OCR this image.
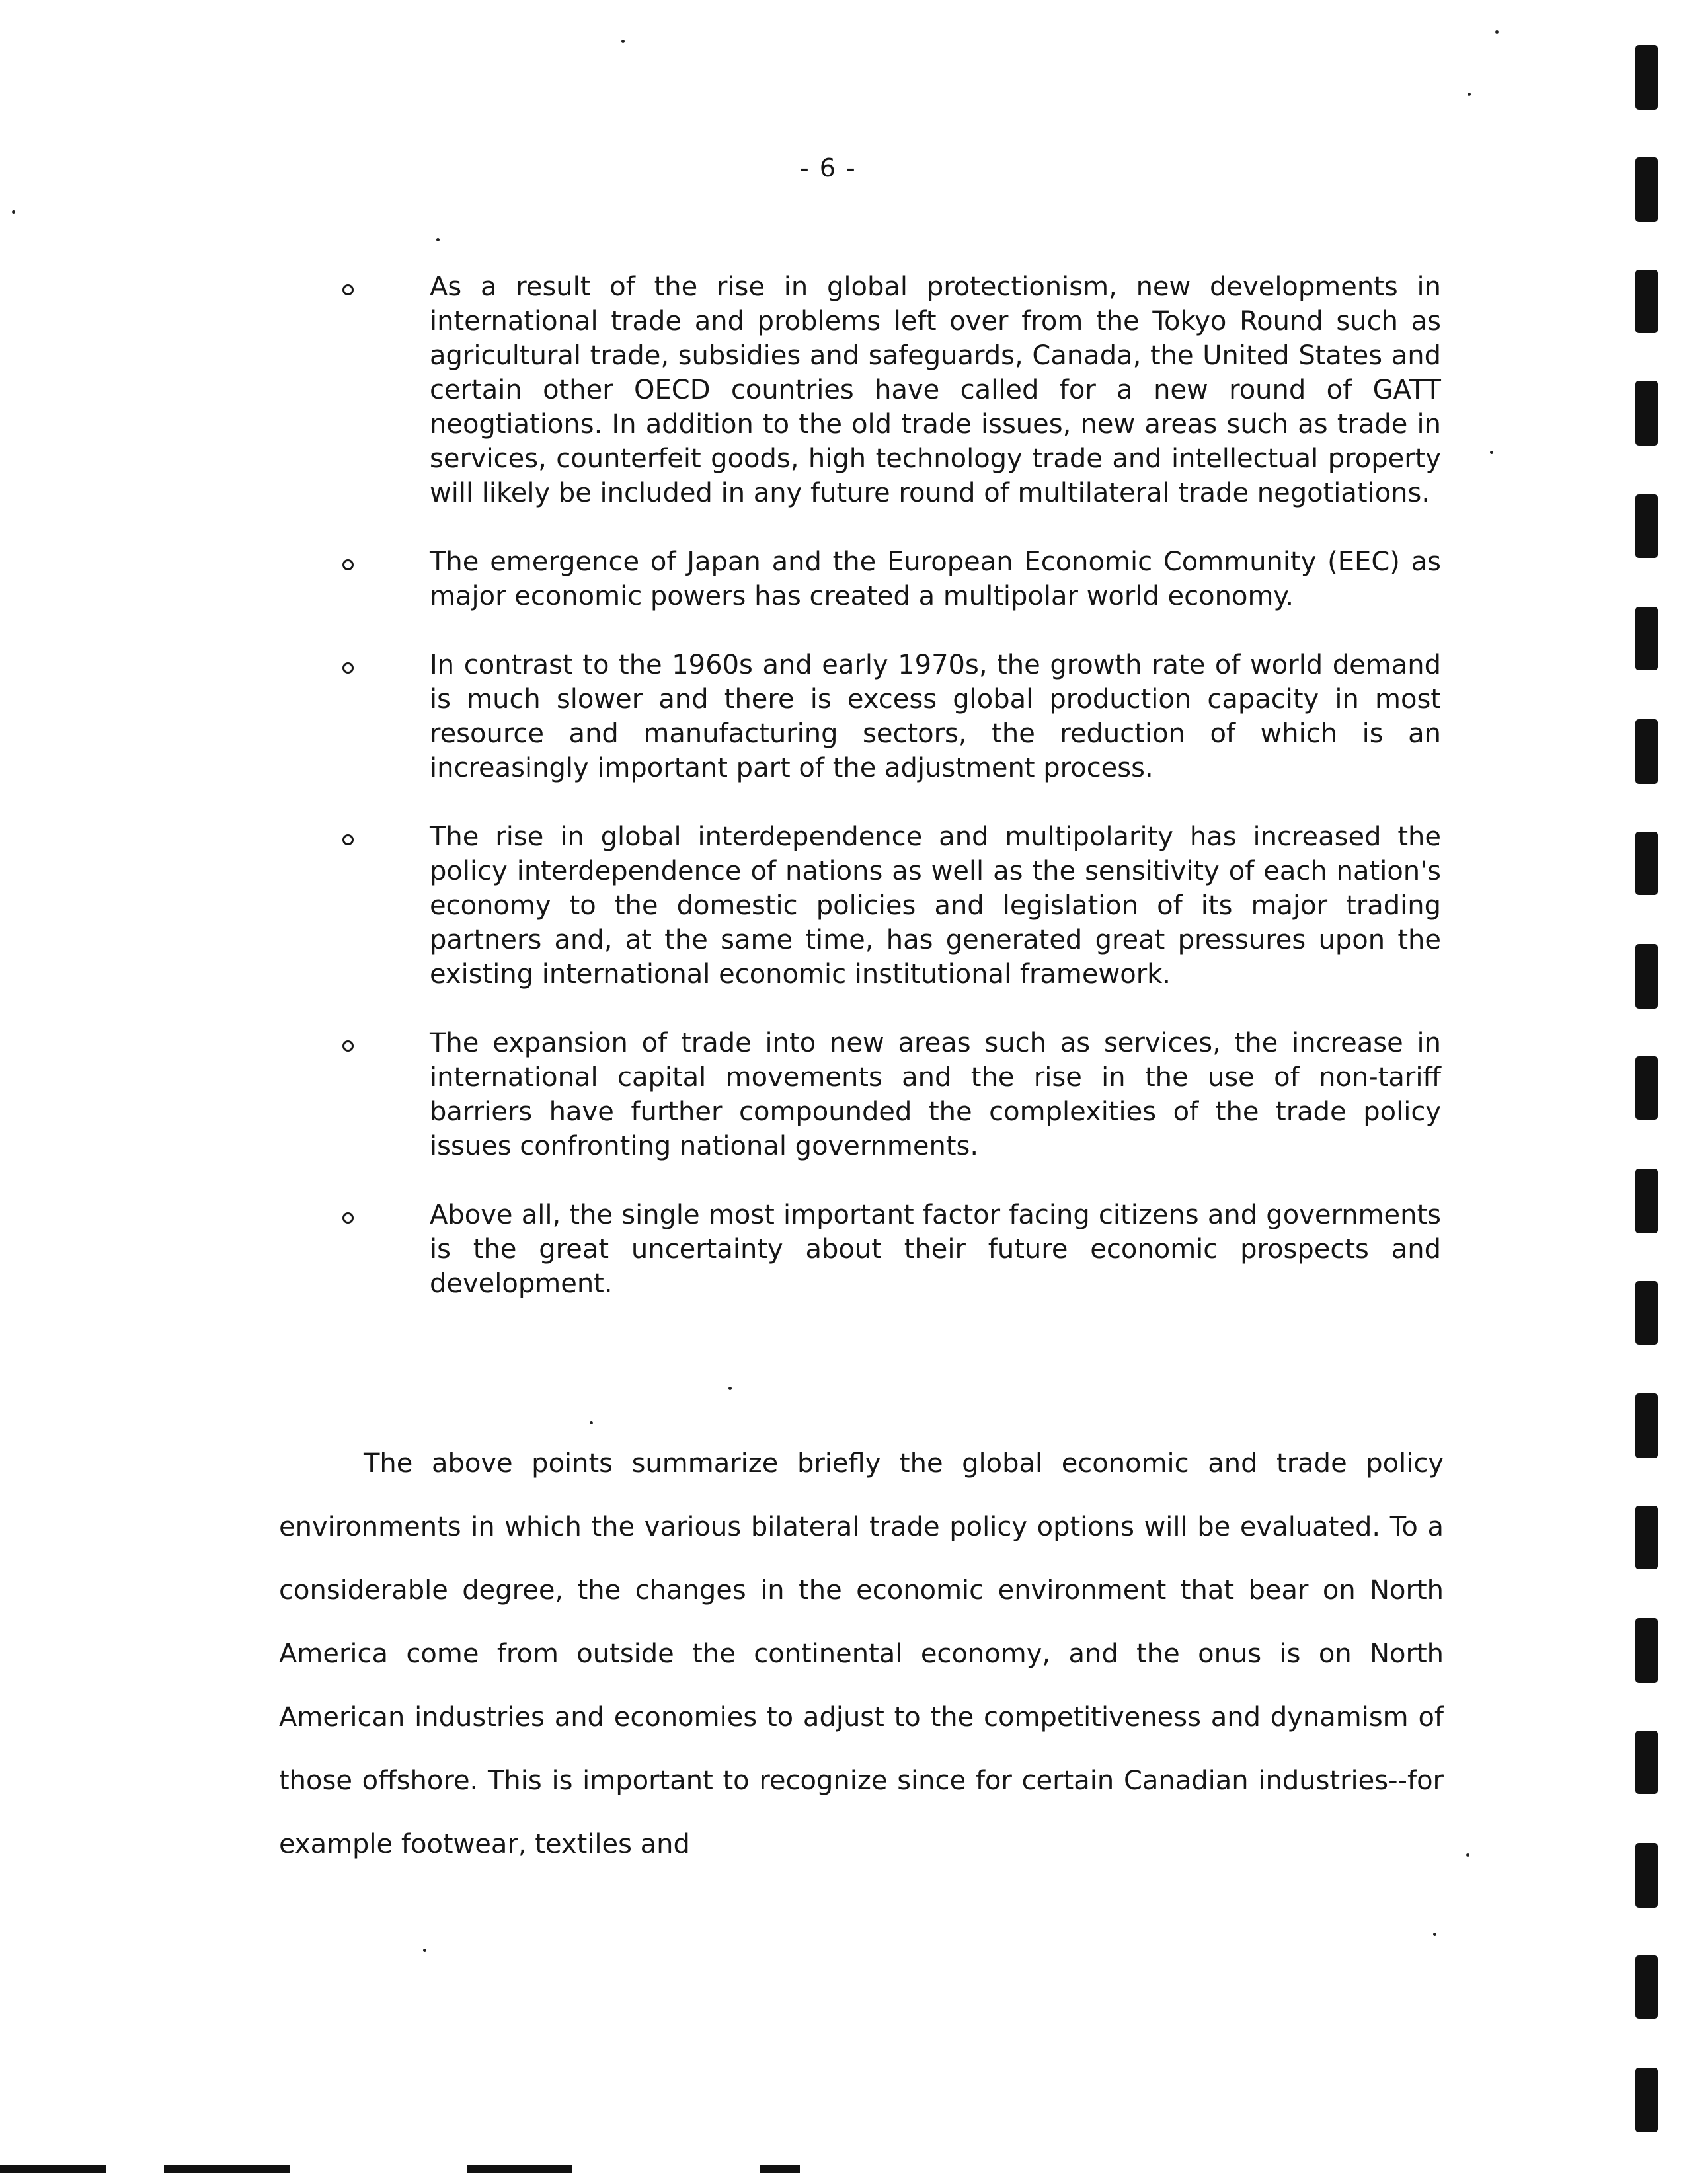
- 6 -
As a result of the rise in global protectionism, new developments in international trade and problems left over from the Tokyo Round such as agricultural trade, subsidies and safeguards, Canada, the United States and certain other OECD countries have called for a new round of GATT neogtiations. In addition to the old trade issues, new areas such as trade in services, counterfeit goods, high technology trade and intellectual property will likely be included in any future round of multilateral trade negotiations.
The emergence of Japan and the European Economic Community (EEC) as major economic powers has created a multipolar world economy.
In contrast to the 1960s and early 1970s, the growth rate of world demand is much slower and there is excess global production capacity in most resource and manufacturing sectors, the reduction of which is an increasingly important part of the adjustment process.
The rise in global interdependence and multipolarity has increased the policy interdependence of nations as well as the sensitivity of each nation's economy to the domestic policies and legislation of its major trading partners and, at the same time, has generated great pressures upon the existing international economic institutional framework.
The expansion of trade into new areas such as services, the increase in international capital movements and the rise in the use of non-tariff barriers have further compounded the complexities of the trade policy issues confronting national governments.
Above all, the single most important factor facing citizens and governments is the great uncertainty about their future economic prospects and development.

The above points summarize briefly the global economic and trade policy environments in which the various bilateral trade policy options will be evaluated. To a considerable degree, the changes in the economic environment that bear on North America come from outside the continental economy, and the onus is on North American industries and economies to adjust to the competitiveness and dynamism of those offshore. This is important to recognize since for certain Canadian industries--for example footwear, textiles and
